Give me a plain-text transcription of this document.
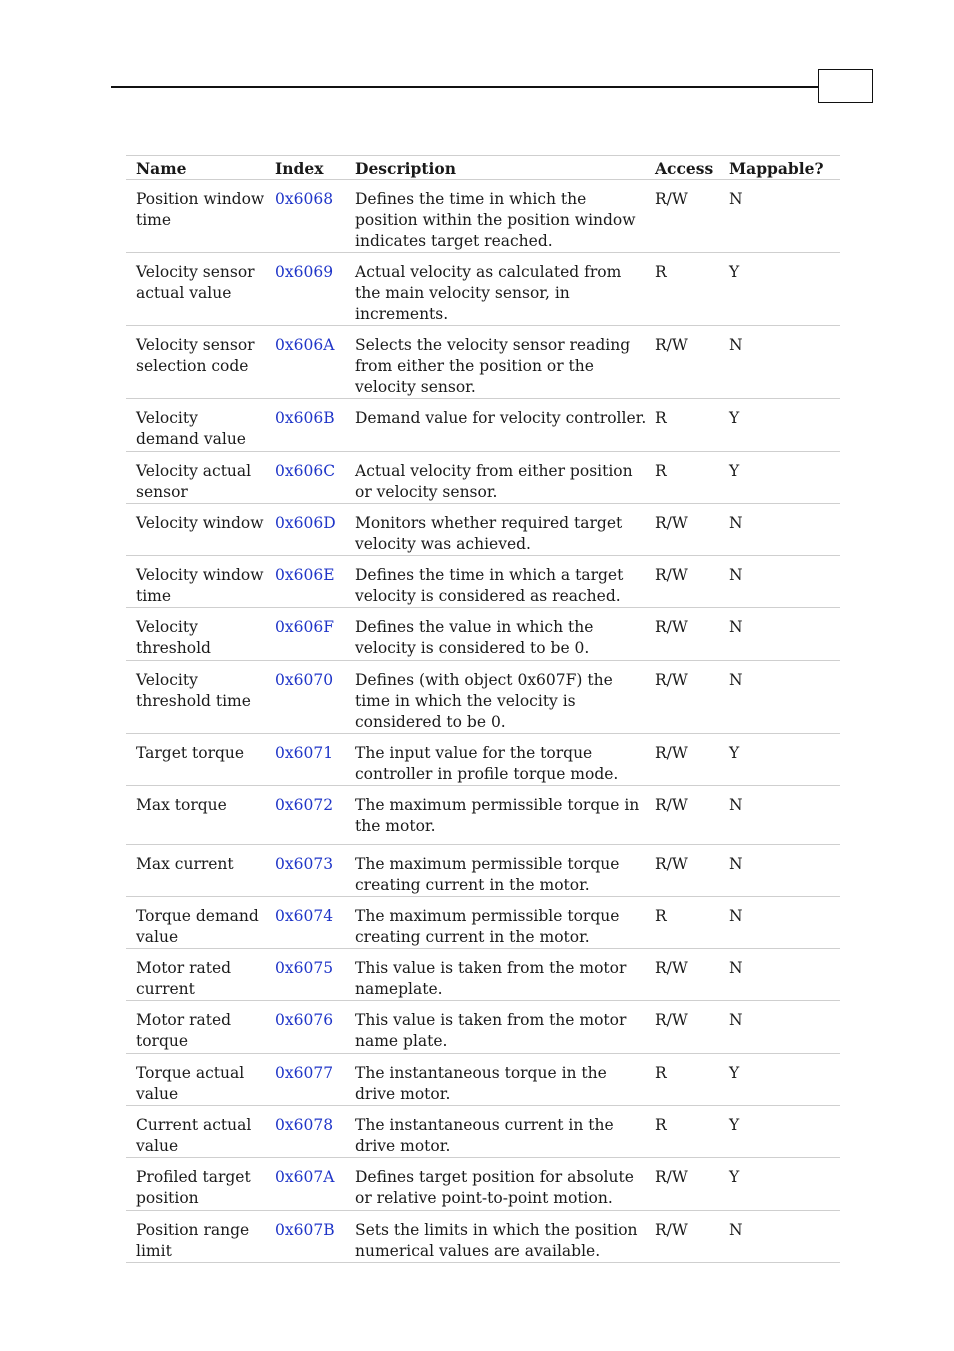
Name	Index	Description	Access	Mappable?
Position window time	0x6068	Defines the time in which the position within the position window indicates target reached.	R/W	N
Velocity sensor actual value	0x6069	Actual velocity as calculated from the main velocity sensor, in increments.	R	Y
Velocity sensor selection code	0x606A	Selects the velocity sensor reading from either the position or the velocity sensor.	R/W	N
Velocity demand value	0x606B	Demand value for velocity controller.	R	Y
Velocity actual sensor	0x606C	Actual velocity from either position or velocity sensor.	R	Y
Velocity window	0x606D	Monitors whether required target velocity was achieved.	R/W	N
Velocity window time	0x606E	Defines the time in which a target velocity is considered as reached.	R/W	N
Velocity threshold	0x606F	Defines the value in which the velocity is considered to be 0.	R/W	N
Velocity threshold time	0x6070	Defines (with object 0x607F) the time in which the velocity is considered to be 0.	R/W	N
Target torque	0x6071	The input value for the torque controller in profile torque mode.	R/W	Y
Max torque	0x6072	The maximum permissible torque in the motor.	R/W	N
Max current	0x6073	The maximum permissible torque creating current in the motor.	R/W	N
Torque demand value	0x6074	The maximum permissible torque creating current in the motor.	R	N
Motor rated current	0x6075	This value is taken from the motor nameplate.	R/W	N
Motor rated torque	0x6076	This value is taken from the motor name plate.	R/W	N
Torque actual value	0x6077	The instantaneous torque in the drive motor.	R	Y
Current actual value	0x6078	The instantaneous current in the drive motor.	R	Y
Profiled target position	0x607A	Defines target position for absolute or relative point-to-point motion.	R/W	Y
Position range limit	0x607B	Sets the limits in which the position numerical values are available.	R/W	N
